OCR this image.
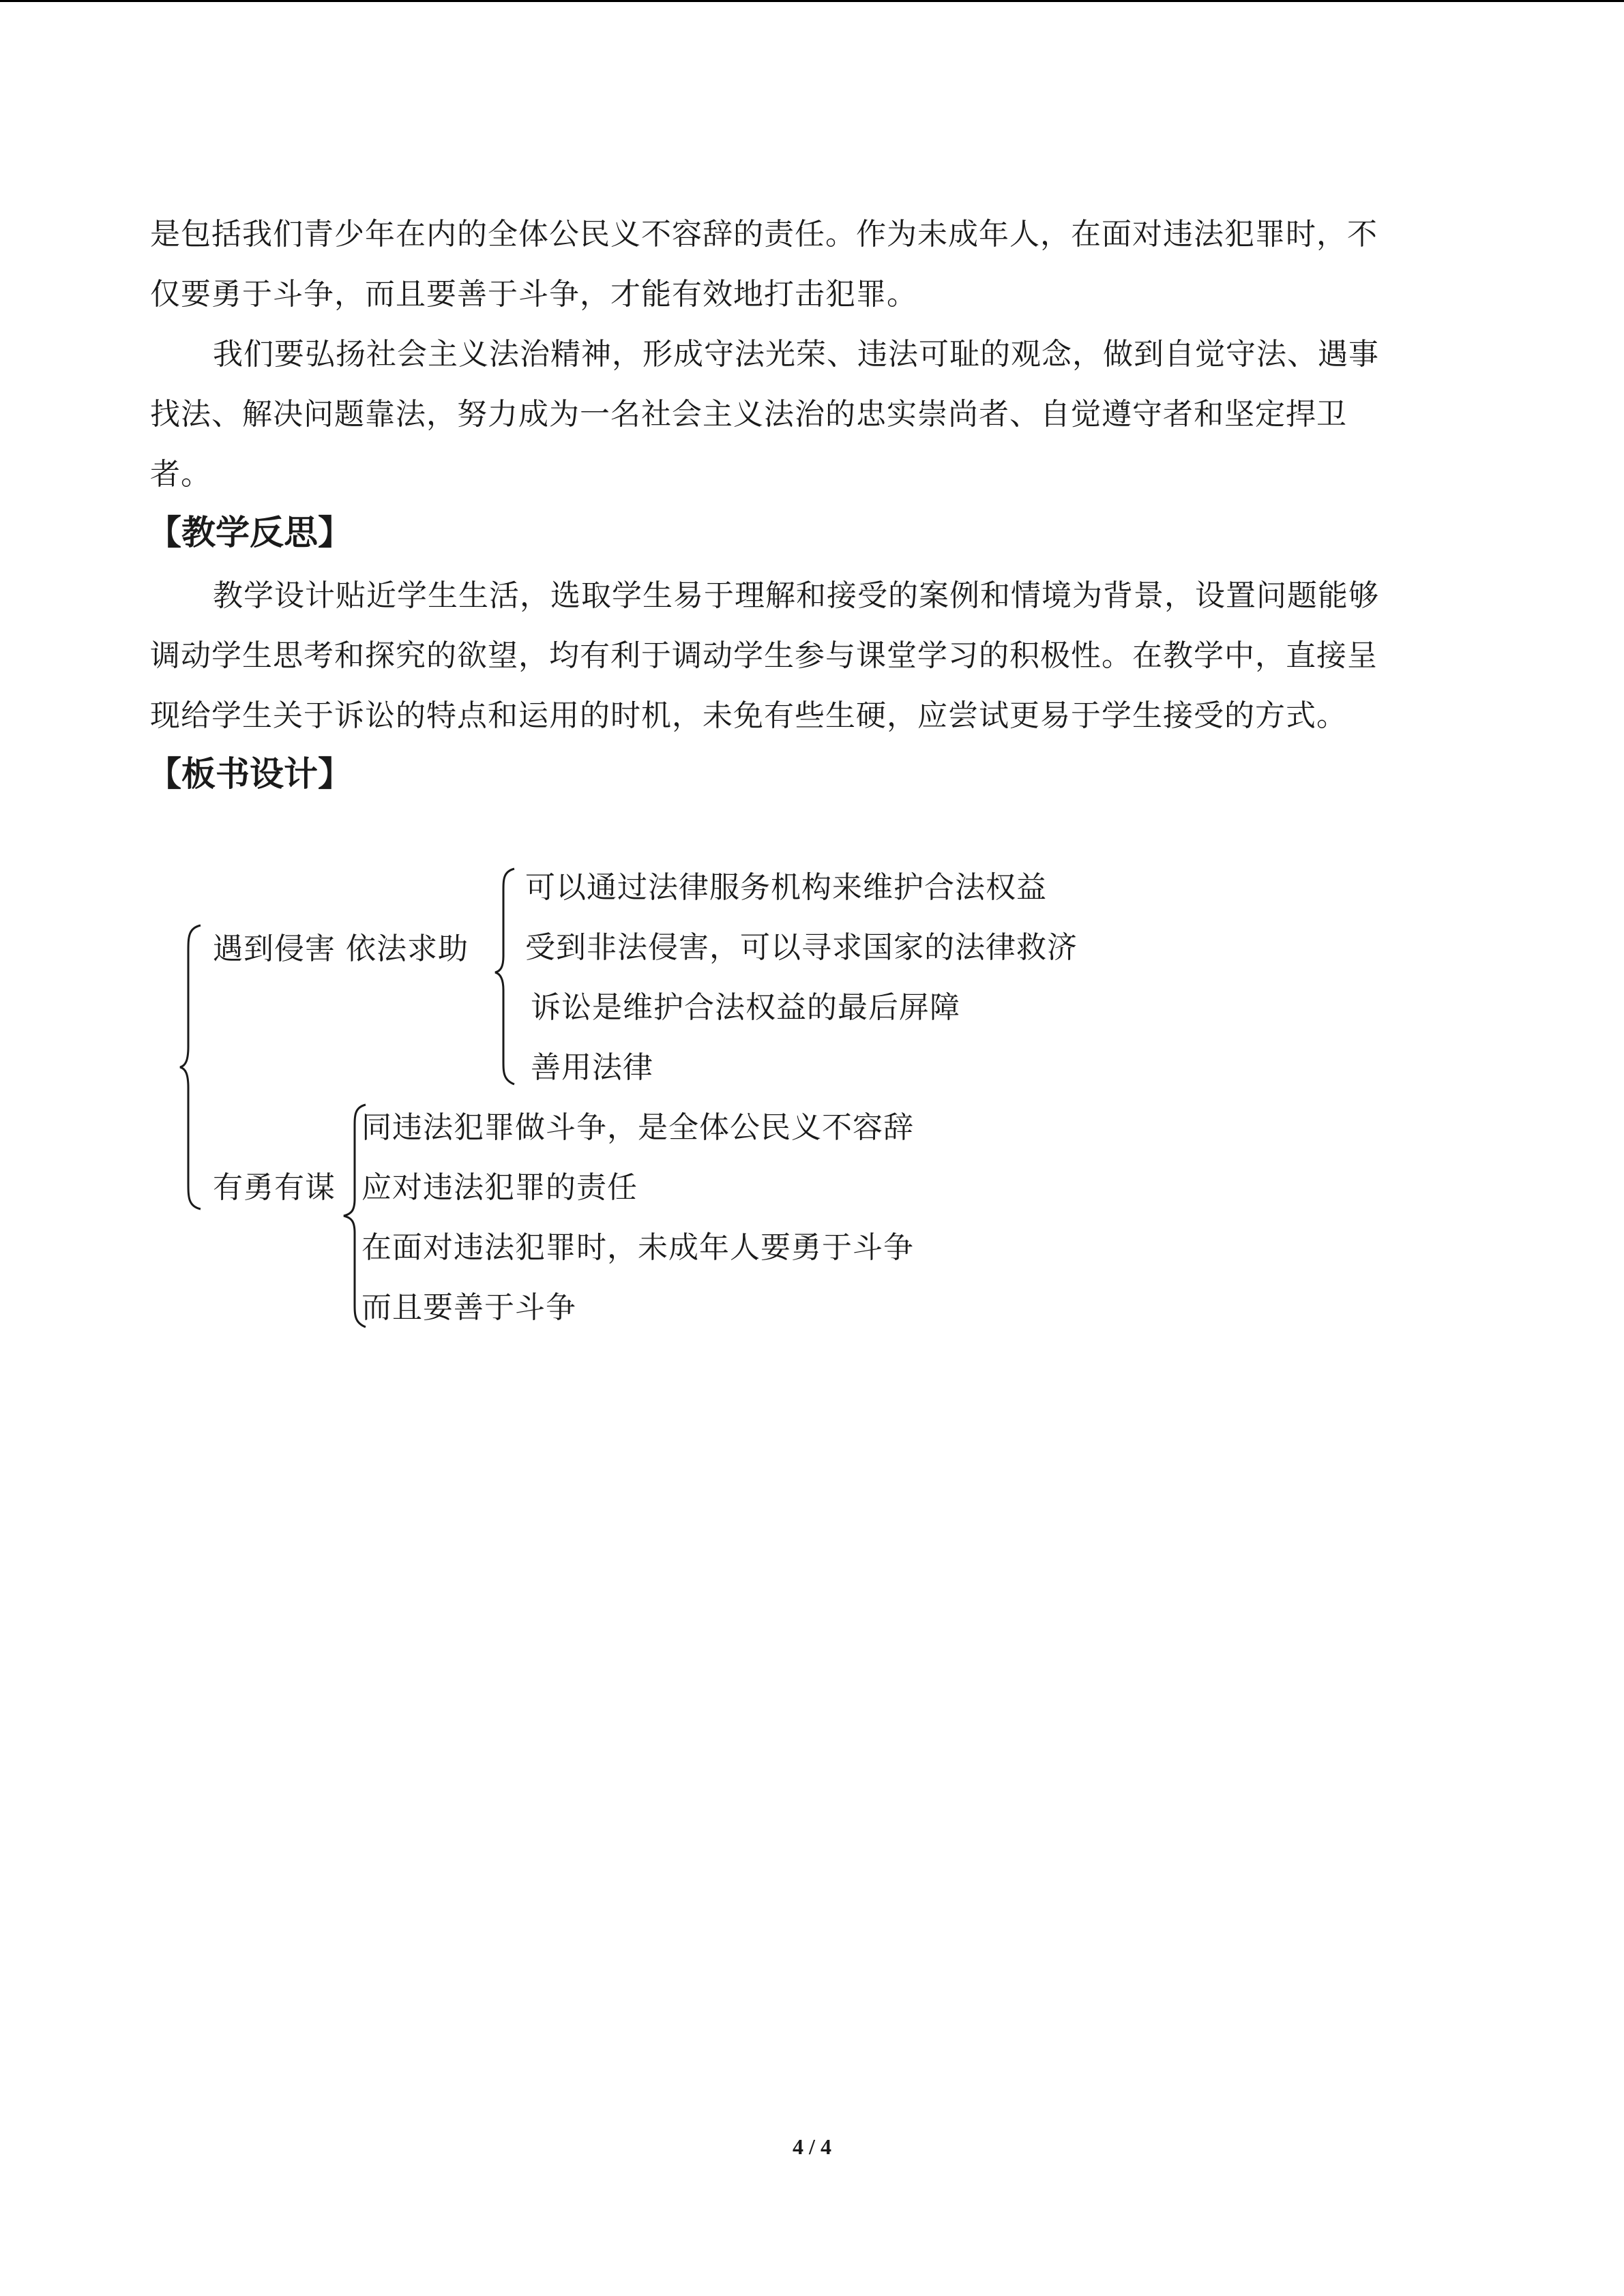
是包括我们青少年在内的全体公民义不容辞的责任。作为未成年人，在面对违法犯罪时，不
仅要勇于斗争，而且要善于斗争，才能有效地打击犯罪。

我们要弘扬社会主义法治精神，形成守法光荣、违法可耻的观念，做到自觉守法、遇事
找法、解决问题靠法，努力成为一名社会主义法治的忠实崇尚者、自觉遵守者和坚定捍卫
者。

【教学反思】

教学设计贴近学生生活，选取学生易于理解和接受的案例和情境为背景，设置问题能够
调动学生思考和探究的欲望，均有利于调动学生参与课堂学习的积极性。在教学中，直接呈
现给学生关于诉讼的特点和运用的时机，未免有些生硬，应尝试更易于学生接受的方式。

【板书设计】
遇到侵害 依法求助
可以通过法律服务机构来维护合法权益
受到非法侵害，可以寻求国家的法律救济
诉讼是维护合法权益的最后屏障
善用法律
有勇有谋
同违法犯罪做斗争，是全体公民义不容辞
应对违法犯罪的责任
在面对违法犯罪时，未成年人要勇于斗争
而且要善于斗争
4 / 4
